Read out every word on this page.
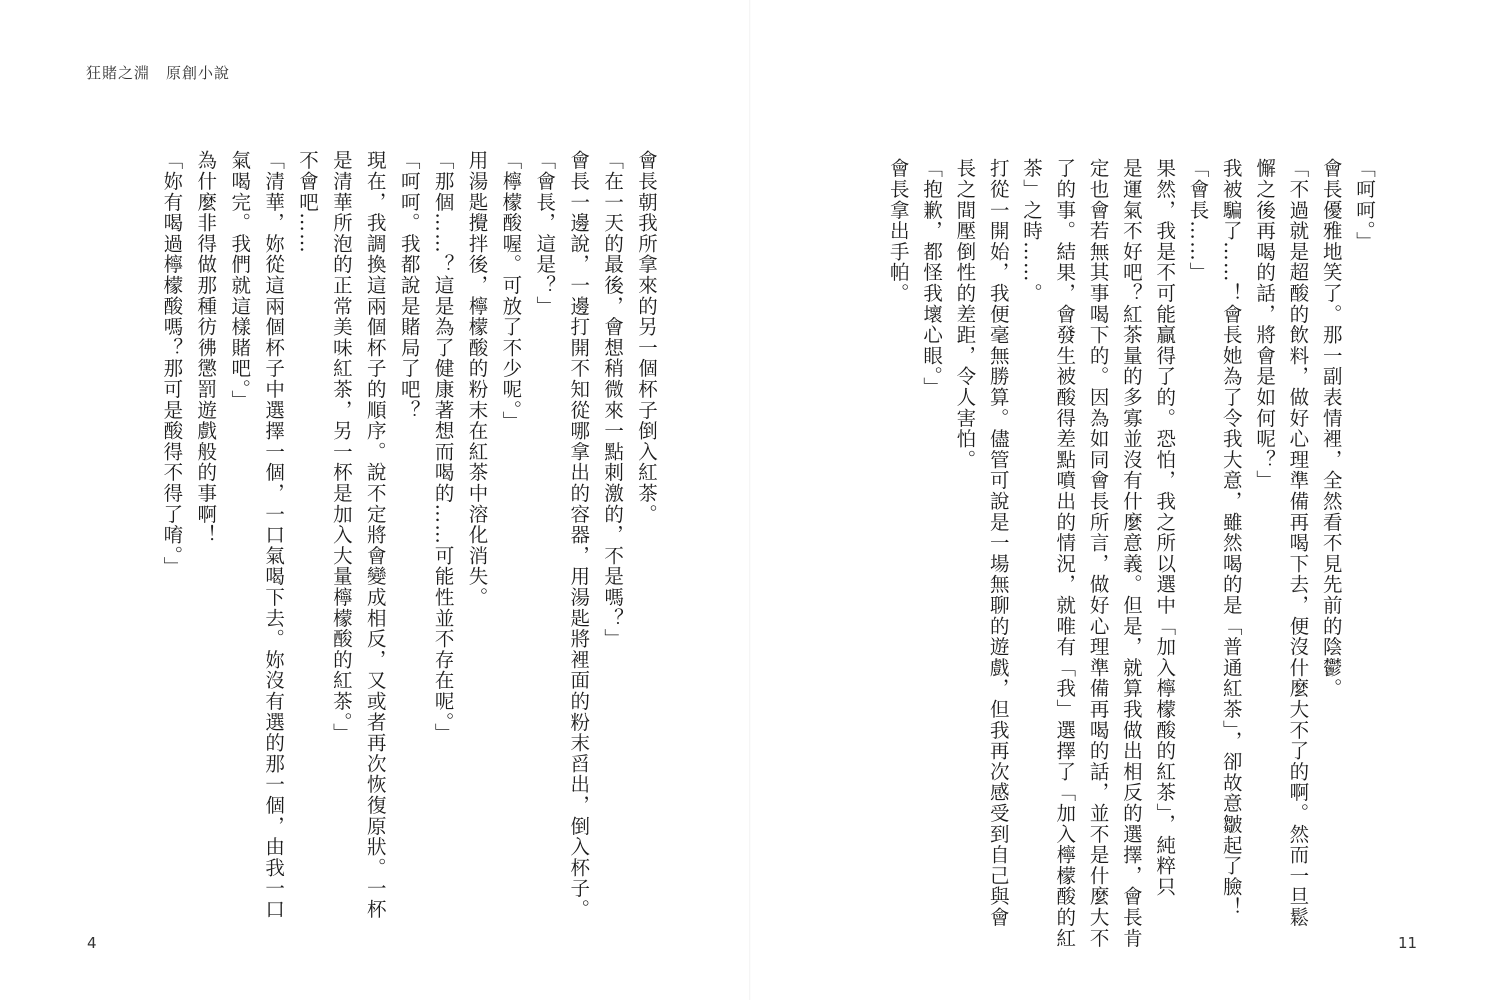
狂賭之淵　原創小說
會長朝我所拿來的另一個杯子倒入紅茶。
「在一天的最後，會想稍微來一點刺激的，不是嗎？」
會長一邊說，一邊打開不知從哪拿出的容器，用湯匙將裡面的粉末舀出，倒入杯子。
「會長，這是？」
「檸檬酸喔。可放了不少呢。」
用湯匙攪拌後，檸檬酸的粉末在紅茶中溶化消失。
「那個……？這是為了健康著想而喝的……可能性並不存在呢。」
「呵呵。我都說是賭局了吧？
現在，我調換這兩個杯子的順序。說不定將會變成相反，又或者再次恢復原狀。一杯
是清華所泡的正常美味紅茶，另一杯是加入大量檸檬酸的紅茶。」
不會吧……
「清華，妳從這兩個杯子中選擇一個，一口氣喝下去。妳沒有選的那一個，由我一口
氣喝完。我們就這樣賭吧。」
為什麼非得做那種彷彿懲罰遊戲般的事啊！
「妳有喝過檸檬酸嗎？那可是酸得不得了唷。」
4
「呵呵。」
會長優雅地笑了。那一副表情裡，全然看不見先前的陰鬱。
「不過就是超酸的飲料，做好心理準備再喝下去，便沒什麼大不了的啊。然而一旦鬆
懈之後再喝的話，將會是如何呢？」
我被騙了……！會長她為了令我大意，雖然喝的是「普通紅茶」，卻故意皺起了臉！
「會長……」
果然，我是不可能贏得了的。恐怕，我之所以選中「加入檸檬酸的紅茶」，純粹只
是運氣不好吧？紅茶量的多寡並沒有什麼意義。但是，就算我做出相反的選擇，會長肯
定也會若無其事喝下的。因為如同會長所言，做好心理準備再喝的話，並不是什麼大不
了的事。結果，會發生被酸得差點噴出的情況，就唯有「我」選擇了「加入檸檬酸的紅
茶」之時……。
打從一開始，我便毫無勝算。儘管可說是一場無聊的遊戲，但我再次感受到自己與會
長之間壓倒性的差距，令人害怕。
「抱歉，都怪我壞心眼。」
會長拿出手帕。
11
